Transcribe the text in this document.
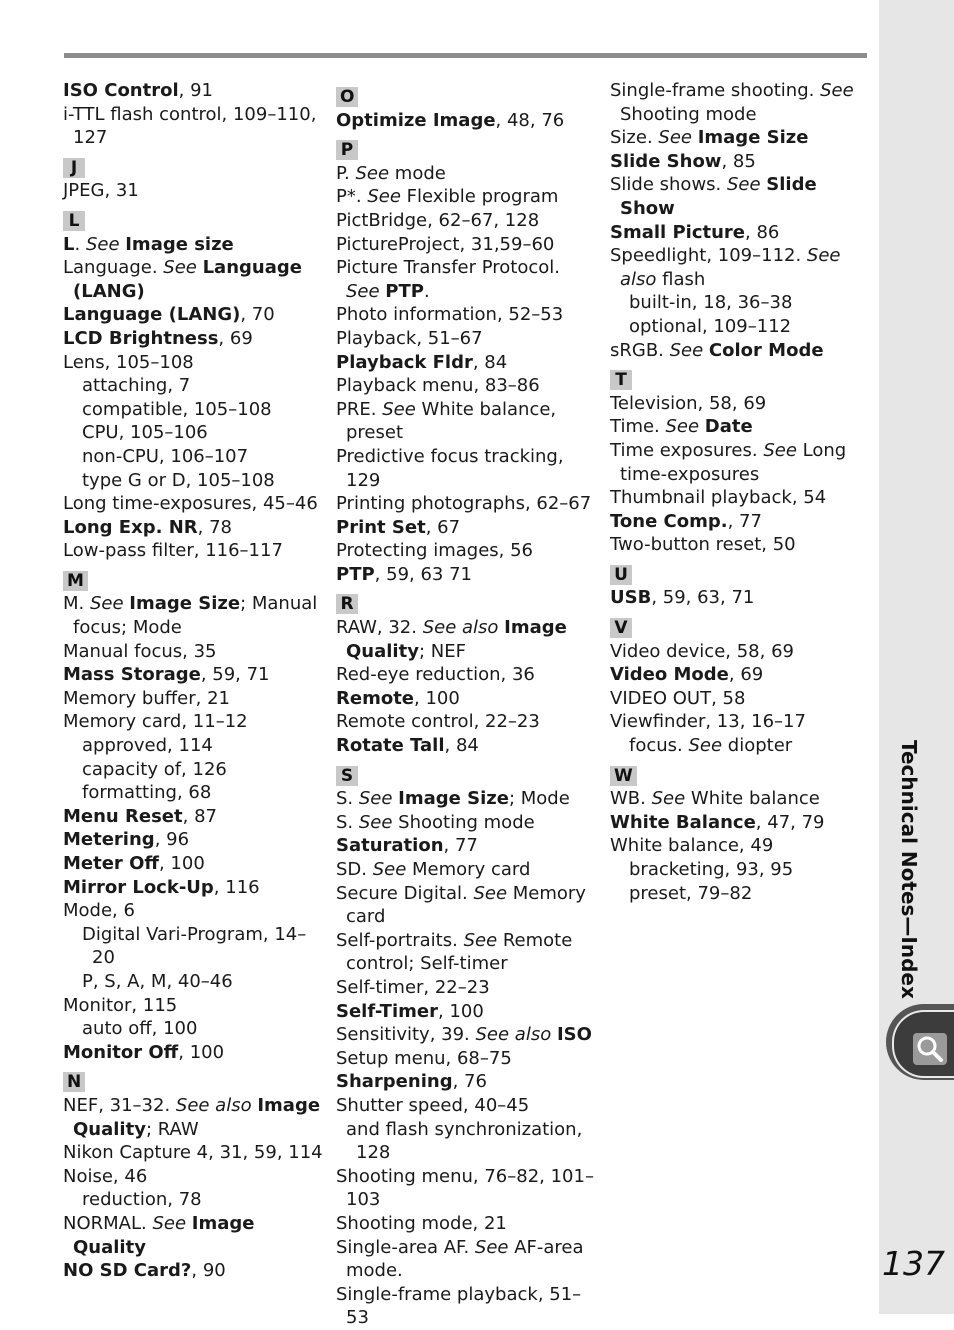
ISO Control, 91
i-TTL flash control, 109–110, 127
J
JPEG, 31
L
L. See Image size
Language. See Language (LANG)
Language (LANG), 70
LCD Brightness, 69
Lens, 105–108
attaching, 7
compatible, 105–108
CPU, 105–106
non-CPU, 106–107
type G or D, 105–108
Long time-exposures, 45–46
Long Exp. NR, 78
Low-pass filter, 116–117
M
M. See Image Size; Manual focus; Mode
Manual focus, 35
Mass Storage, 59, 71
Memory buffer, 21
Memory card, 11–12
approved, 114
capacity of, 126
formatting, 68
Menu Reset, 87
Metering, 96
Meter Off, 100
Mirror Lock-Up, 116
Mode, 6
Digital Vari-Program, 14–20
P, S, A, M, 40–46
Monitor, 115
auto off, 100
Monitor Off, 100
N
NEF, 31–32. See also Image Quality; RAW
Nikon Capture 4, 31, 59, 114
Noise, 46
reduction, 78
NORMAL. See Image Quality
NO SD Card?, 90
O
Optimize Image, 48, 76
P
P. See mode
P*. See Flexible program
PictBridge, 62–67, 128
PictureProject, 31,59–60
Picture Transfer Protocol. See PTP.
Photo information, 52–53
Playback, 51–67
Playback Fldr, 84
Playback menu, 83–86
PRE. See White balance, preset
Predictive focus tracking, 129
Printing photographs, 62–67
Print Set, 67
Protecting images, 56
PTP, 59, 63 71
R
RAW, 32. See also Image Quality; NEF
Red-eye reduction, 36
Remote, 100
Remote control, 22–23
Rotate Tall, 84
S
S. See Image Size; Mode
S. See Shooting mode
Saturation, 77
SD. See Memory card
Secure Digital. See Memory card
Self-portraits. See Remote control; Self-timer
Self-timer, 22–23
Self-Timer, 100
Sensitivity, 39. See also ISO
Setup menu, 68–75
Sharpening, 76
Shutter speed, 40–45
and flash synchronization, 128
Shooting menu, 76–82, 101–103
Shooting mode, 21
Single-area AF. See AF-area mode.
Single-frame playback, 51–53
Single-frame shooting. See Shooting mode
Size. See Image Size
Slide Show, 85
Slide shows. See Slide Show
Small Picture, 86
Speedlight, 109–112. See also flash
built-in, 18, 36–38
optional, 109–112
sRGB. See Color Mode
T
Television, 58, 69
Time. See Date
Time exposures. See Long time-exposures
Thumbnail playback, 54
Tone Comp., 77
Two-button reset, 50
U
USB, 59, 63, 71
V
Video device, 58, 69
Video Mode, 69
VIDEO OUT, 58
Viewfinder, 13, 16–17
focus. See diopter
W
WB. See White balance
White Balance, 47, 79
White balance, 49
bracketing, 93, 95
preset, 79–82	Technical Notes—Index
137
